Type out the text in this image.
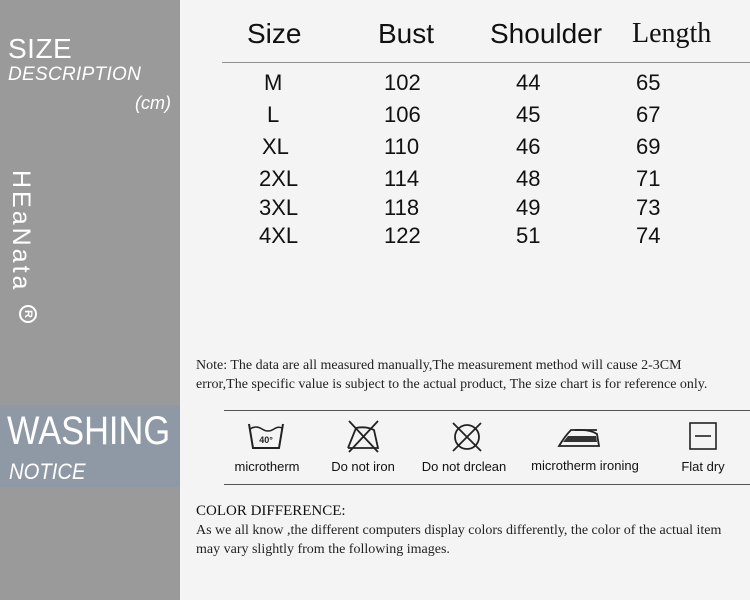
SIZE
DESCRIPTION
(cm)
HEaNata
R
WASHING
NOTICE
Size	Bust Shoulder Length
M	102	44	65
L	106	45	67
XL	110	46	69
2XL	114	48	71
3XL	118	49	73
4XL	122	51	74
Note: The data are all measured manually,The measurement method will cause 2-3CM
error,The specific value is subject to the actual product, The size chart is for reference only.
40°
microtherm	Do not iron	Do not drclean	microtherm ironing	Flat dry
COLOR DIFFERENCE:
As we all know ,the different computers display colors differently, the color of the actual item
may vary slightly from the following images.
